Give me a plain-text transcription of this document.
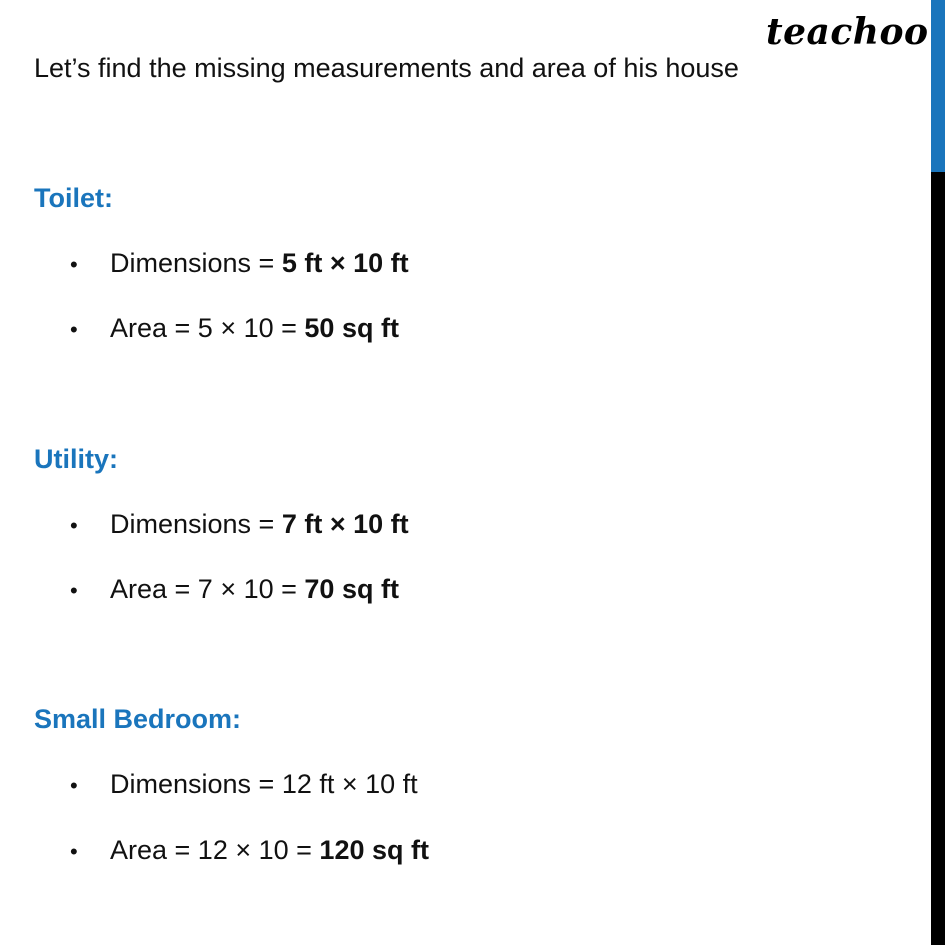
teachoo
Let’s find the missing measurements and area of his house
Toilet:
• Dimensions = 5 ft × 10 ft
• Area = 5 × 10 = 50 sq ft
Utility:
• Dimensions = 7 ft × 10 ft
• Area = 7 × 10 = 70 sq ft
Small Bedroom:
• Dimensions = 12 ft × 10 ft
• Area = 12 × 10 = 120 sq ft
